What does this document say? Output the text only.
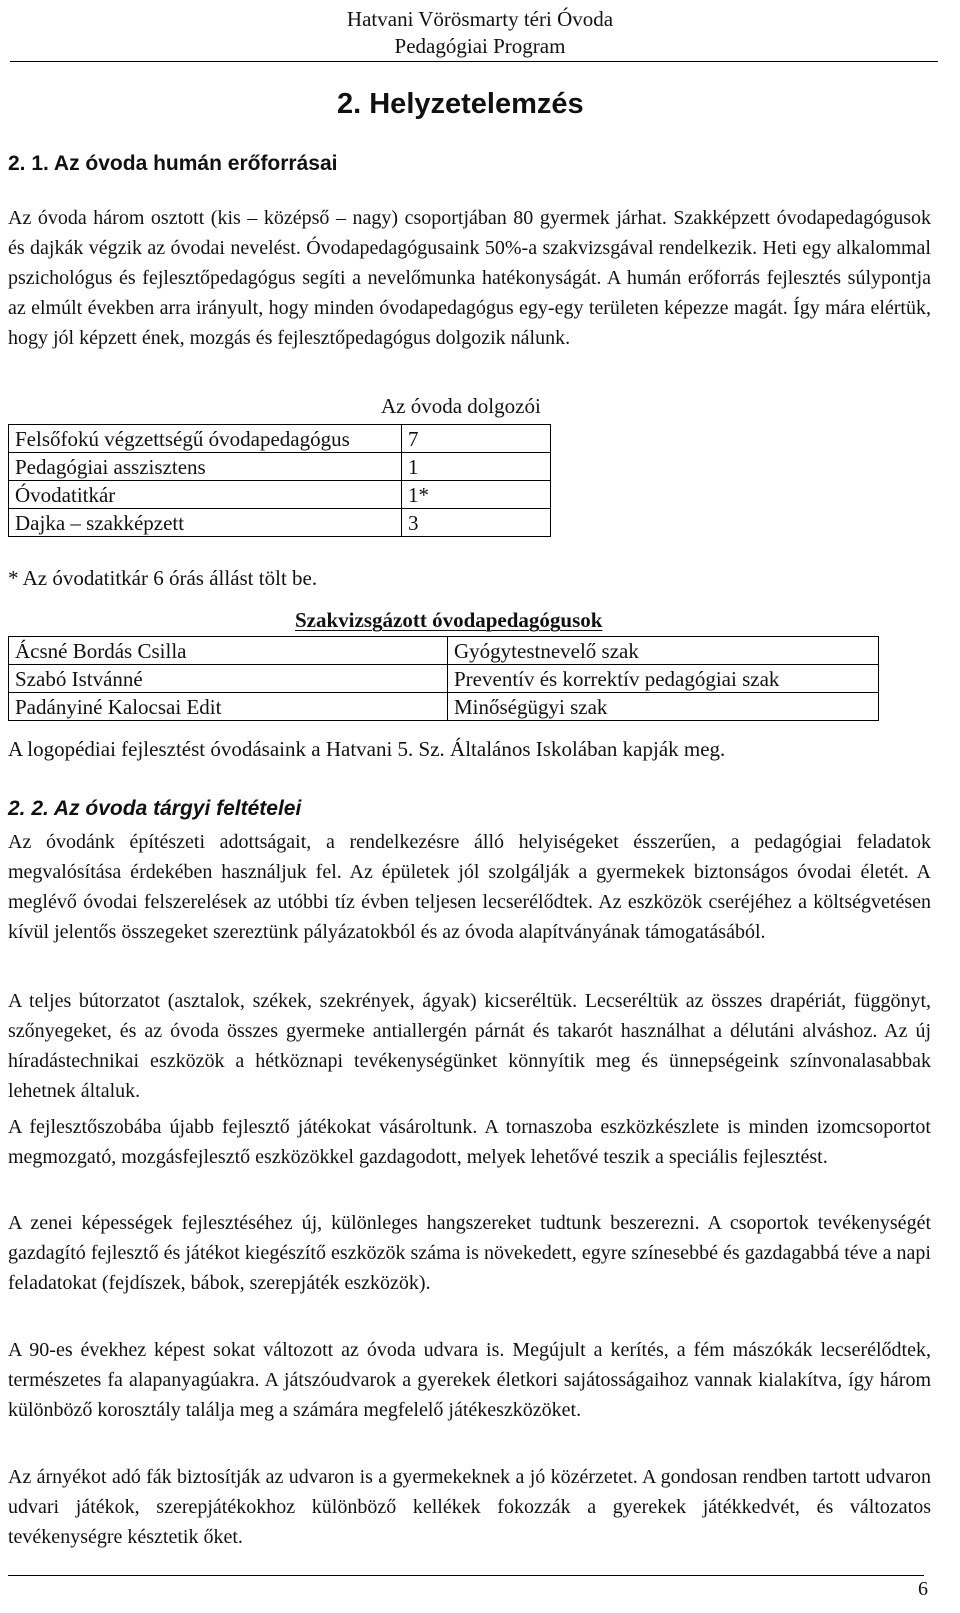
Hatvani Vörösmarty téri Óvoda
Pedagógiai Program
2. Helyzetelemzés
2. 1. Az óvoda humán erőforrásai
Az óvoda három osztott (kis – középső – nagy) csoportjában 80 gyermek járhat. Szakképzett óvodapedagógusok és dajkák végzik az óvodai nevelést. Óvodapedagógusaink 50%-a szakvizsgával rendelkezik. Heti egy alkalommal pszichológus és fejlesztőpedagógus segíti a nevelőmunka hatékonyságát. A humán erőforrás fejlesztés súlypontja az elmúlt években arra irányult, hogy minden óvodapedagógus egy-egy területen képezze magát. Így mára elértük, hogy jól képzett ének, mozgás és fejlesztőpedagógus dolgozik nálunk.
Az óvoda dolgozói
Felsőfokú végzettségű óvodapedagógus	7
Pedagógiai asszisztens	1
Óvodatitkár	1*
Dajka – szakképzett	3
* Az óvodatitkár 6 órás állást tölt be.
Szakvizsgázott óvodapedagógusok
Ácsné Bordás Csilla	Gyógytestnevelő szak
Szabó Istvánné	Preventív és korrektív pedagógiai szak
Padányiné Kalocsai Edit	Minőségügyi szak
A logopédiai fejlesztést óvodásaink a Hatvani 5. Sz. Általános Iskolában kapják meg.
2. 2. Az óvoda tárgyi feltételei
Az óvodánk építészeti adottságait, a rendelkezésre álló helyiségeket ésszerűen, a pedagógiai feladatok megvalósítása érdekében használjuk fel. Az épületek jól szolgálják a gyermekek biztonságos óvodai életét. A meglévő óvodai felszerelések az utóbbi tíz évben teljesen lecserélődtek. Az eszközök cseréjéhez a költségvetésen kívül jelentős összegeket szereztünk pályázatokból és az óvoda alapítványának támogatásából.
A teljes bútorzatot (asztalok, székek, szekrények, ágyak) kicseréltük. Lecseréltük az összes drapériát, függönyt, szőnyegeket, és az óvoda összes gyermeke antiallergén párnát és takarót használhat a délutáni alváshoz. Az új híradástechnikai eszközök a hétköznapi tevékenységünket könnyítik meg és ünnepségeink színvonalasabbak lehetnek általuk.
A fejlesztőszobába újabb fejlesztő játékokat vásároltunk. A tornaszoba eszközkészlete is minden izomcsoportot megmozgató, mozgásfejlesztő eszközökkel gazdagodott, melyek lehetővé teszik a speciális fejlesztést.
A zenei képességek fejlesztéséhez új, különleges hangszereket tudtunk beszerezni. A csoportok tevékenységét gazdagító fejlesztő és játékot kiegészítő eszközök száma is növekedett, egyre színesebbé és gazdagabbá téve a napi feladatokat (fejdíszek, bábok, szerepjáték eszközök).
A 90-es évekhez képest sokat változott az óvoda udvara is. Megújult a kerítés, a fém mászókák lecserélődtek, természetes fa alapanyagúakra. A játszóudvarok a gyerekek életkori sajátosságaihoz vannak kialakítva, így három különböző korosztály találja meg a számára megfelelő játékeszközöket.
Az árnyékot adó fák biztosítják az udvaron is a gyermekeknek a jó közérzetet. A gondosan rendben tartott udvaron udvari játékok, szerepjátékokhoz különböző kellékek fokozzák a gyerekek játékkedvét, és változatos tevékenységre késztetik őket.
6
